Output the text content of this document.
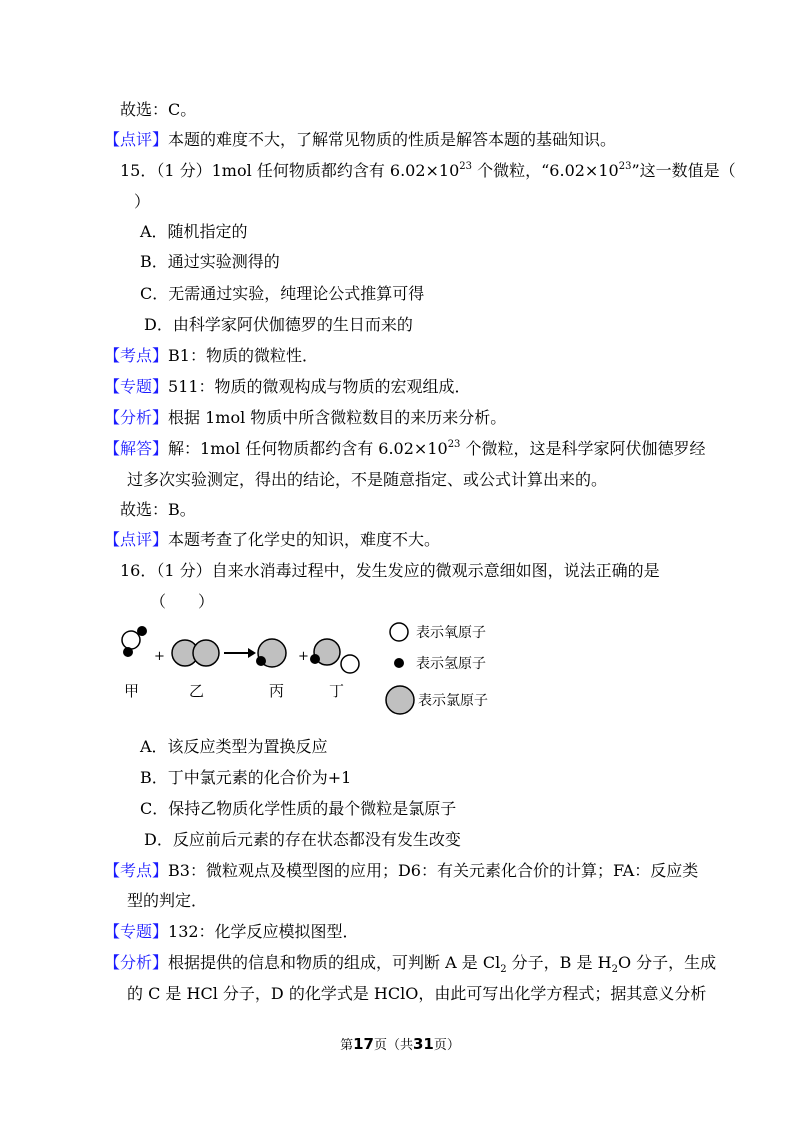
故选：C。
【点评】本题的难度不大，了解常见物质的性质是解答本题的基础知识。
15．（1 分）1mol 任何物质都约含有 $6.02\times 10^{23}$ 个微粒，“$6.02\times 10^{23}$”这一数值是（
）
A．随机指定的
B．通过实验测得的
C．无需通过实验，纯理论公式推算可得
D．由科学家阿伏伽德罗的生日而来的
【考点】B1：物质的微粒性．
【专题】511：物质的微观构成与物质的宏观组成．
【分析】根据 1mol 物质中所含微粒数目的来历来分析。
【解答】解：1mol 任何物质都约含有 $6.02\times 10^{23}$ 个微粒，这是科学家阿伏伽德罗经
过多次实验测定，得出的结论，不是随意指定、或公式计算出来的。
故选：B。
【点评】本题考查了化学史的知识，难度不大。
16．（1 分）自来水消毒过程中，发生发应的微观示意细如图，说法正确的是
（　　）
+	+
甲	乙	丙	丁
表示氧原子
表示氢原子
表示氯原子
A．该反应类型为置换反应
B．丁中氯元素的化合价为+1
C．保持乙物质化学性质的最个微粒是氯原子
D．反应前后元素的存在状态都没有发生改变
【考点】B3：微粒观点及模型图的应用；D6：有关元素化合价的计算；FA：反应类
型的判定．
【专题】132：化学反应模拟图型．
【分析】根据提供的信息和物质的组成，可判断 A 是 $Cl_2$ 分子，B 是 $H_2O$ 分子，生成
的 C 是 HCl 分子，D 的化学式是 HClO，由此可写出化学方程式；据其意义分析
第17页（共31页）
